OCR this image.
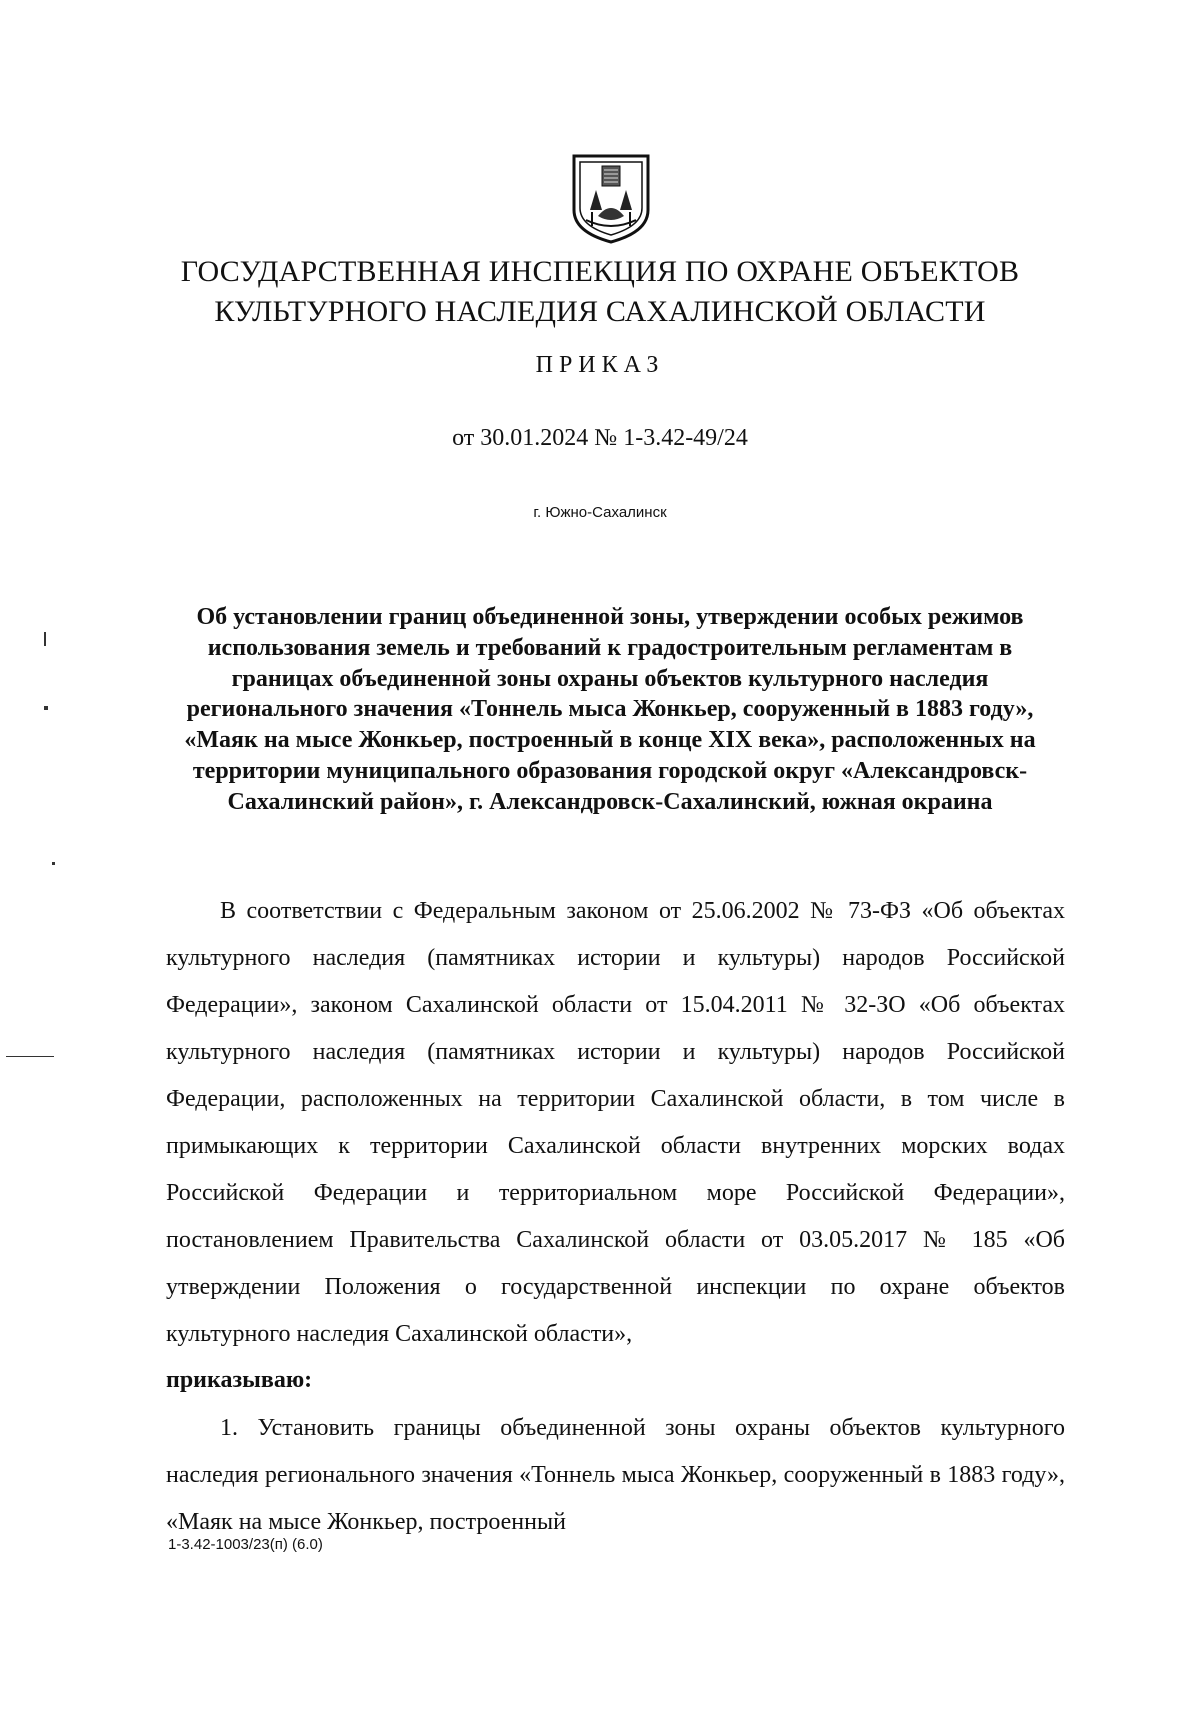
ГОСУДАРСТВЕННАЯ ИНСПЕКЦИЯ ПО ОХРАНЕ ОБЪЕКТОВ
КУЛЬТУРНОГО НАСЛЕДИЯ САХАЛИНСКОЙ ОБЛАСТИ
ПРИКАЗ
от 30.01.2024 № 1-3.42-49/24
г. Южно-Сахалинск
Об установлении границ объединенной зоны, утверждении особых режимов использования земель и требований к градостроительным регламентам в границах объединенной зоны охраны объектов культурного наследия регионального значения «Тоннель мыса Жонкьер, сооруженный в 1883 году», «Маяк на мысе Жонкьер, построенный в конце XIX века», расположенных на территории муниципального образования городской округ «Александровск-Сахалинский район», г. Александровск-Сахалинский, южная окраина
В соответствии с Федеральным законом от 25.06.2002 № 73-ФЗ «Об объектах культурного наследия (памятниках истории и культуры) народов Российской Федерации», законом Сахалинской области от 15.04.2011 № 32-ЗО «Об объектах культурного наследия (памятниках истории и культуры) народов Российской Федерации, расположенных на территории Сахалинской области, в том числе в примыкающих к территории Сахалинской области внутренних морских водах Российской Федерации и территориальном море Российской Федерации», постановлением Правительства Сахалинской области от 03.05.2017 № 185 «Об утверждении Положения о государственной инспекции по охране объектов культурного наследия Сахалинской области»,
приказываю:
1. Установить границы объединенной зоны охраны объектов культурного наследия регионального значения «Тоннель мыса Жонкьер, сооруженный в 1883 году», «Маяк на мысе Жонкьер, построенный
1-3.42-1003/23(п) (6.0)
